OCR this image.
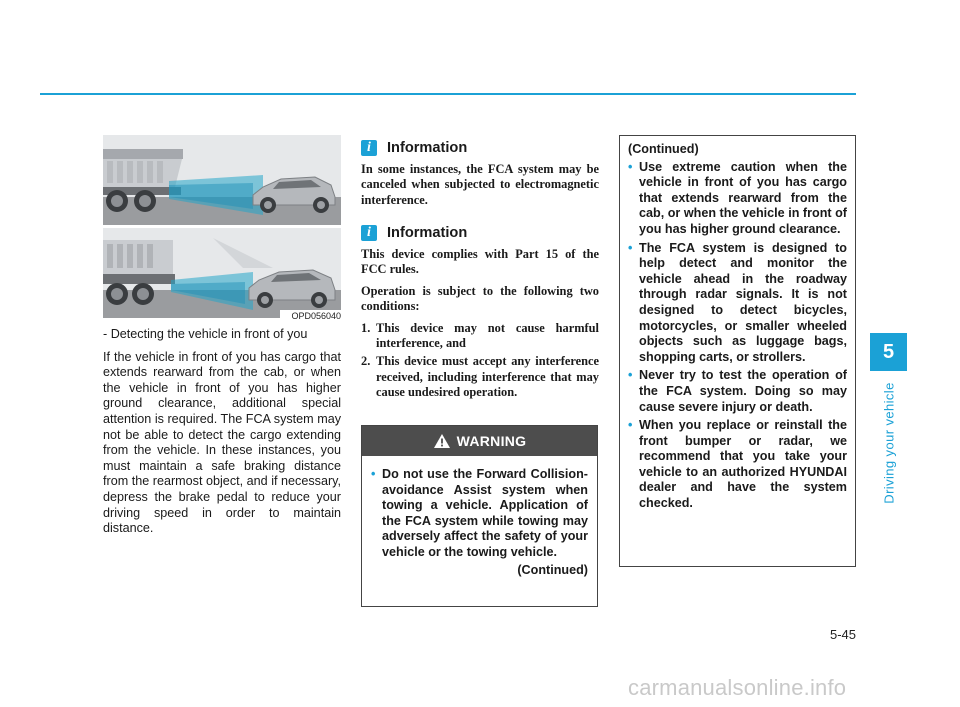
OPD056040

- Detecting the vehicle in front of you

If the vehicle in front of you has cargo that extends rearward from the cab, or when the vehicle in front of you has higher ground clearance, additional special attention is required. The FCA system may not be able to detect the cargo extending from the vehicle. In these instances, you must maintain a safe braking distance from the rearmost object, and if necessary, depress the brake pedal to reduce your driving speed in order to maintain distance.

i	Information

In some instances, the FCA system may be canceled when subjected to electromagnetic interference.

i	Information

This device complies with Part 15 of the FCC rules.

Operation is subject to the following two conditions:

1. This device may not cause harmful interference, and
2. This device must accept any interference received, including interference that may cause undesired operation.
WARNING
• Do not use the Forward Collision-avoidance Assist system when towing a vehicle. Application of the FCA system while towing may adversely affect the safety of your vehicle or the towing vehicle.
(Continued)
(Continued)
• Use extreme caution when the vehicle in front of you has cargo that extends rearward from the cab, or when the vehicle in front of you has higher ground clearance.
• The FCA system is designed to help detect and monitor the vehicle ahead in the roadway through radar signals. It is not designed to detect bicycles, motorcycles, or smaller wheeled objects such as luggage bags, shopping carts, or strollers.
• Never try to test the operation of the FCA system. Doing so may cause severe injury or death.
• When you replace or reinstall the front bumper or radar, we recommend that you take your vehicle to an authorized HYUNDAI dealer and have the system checked.
5
Driving your vehicle
5-45
carmanualsonline.info
